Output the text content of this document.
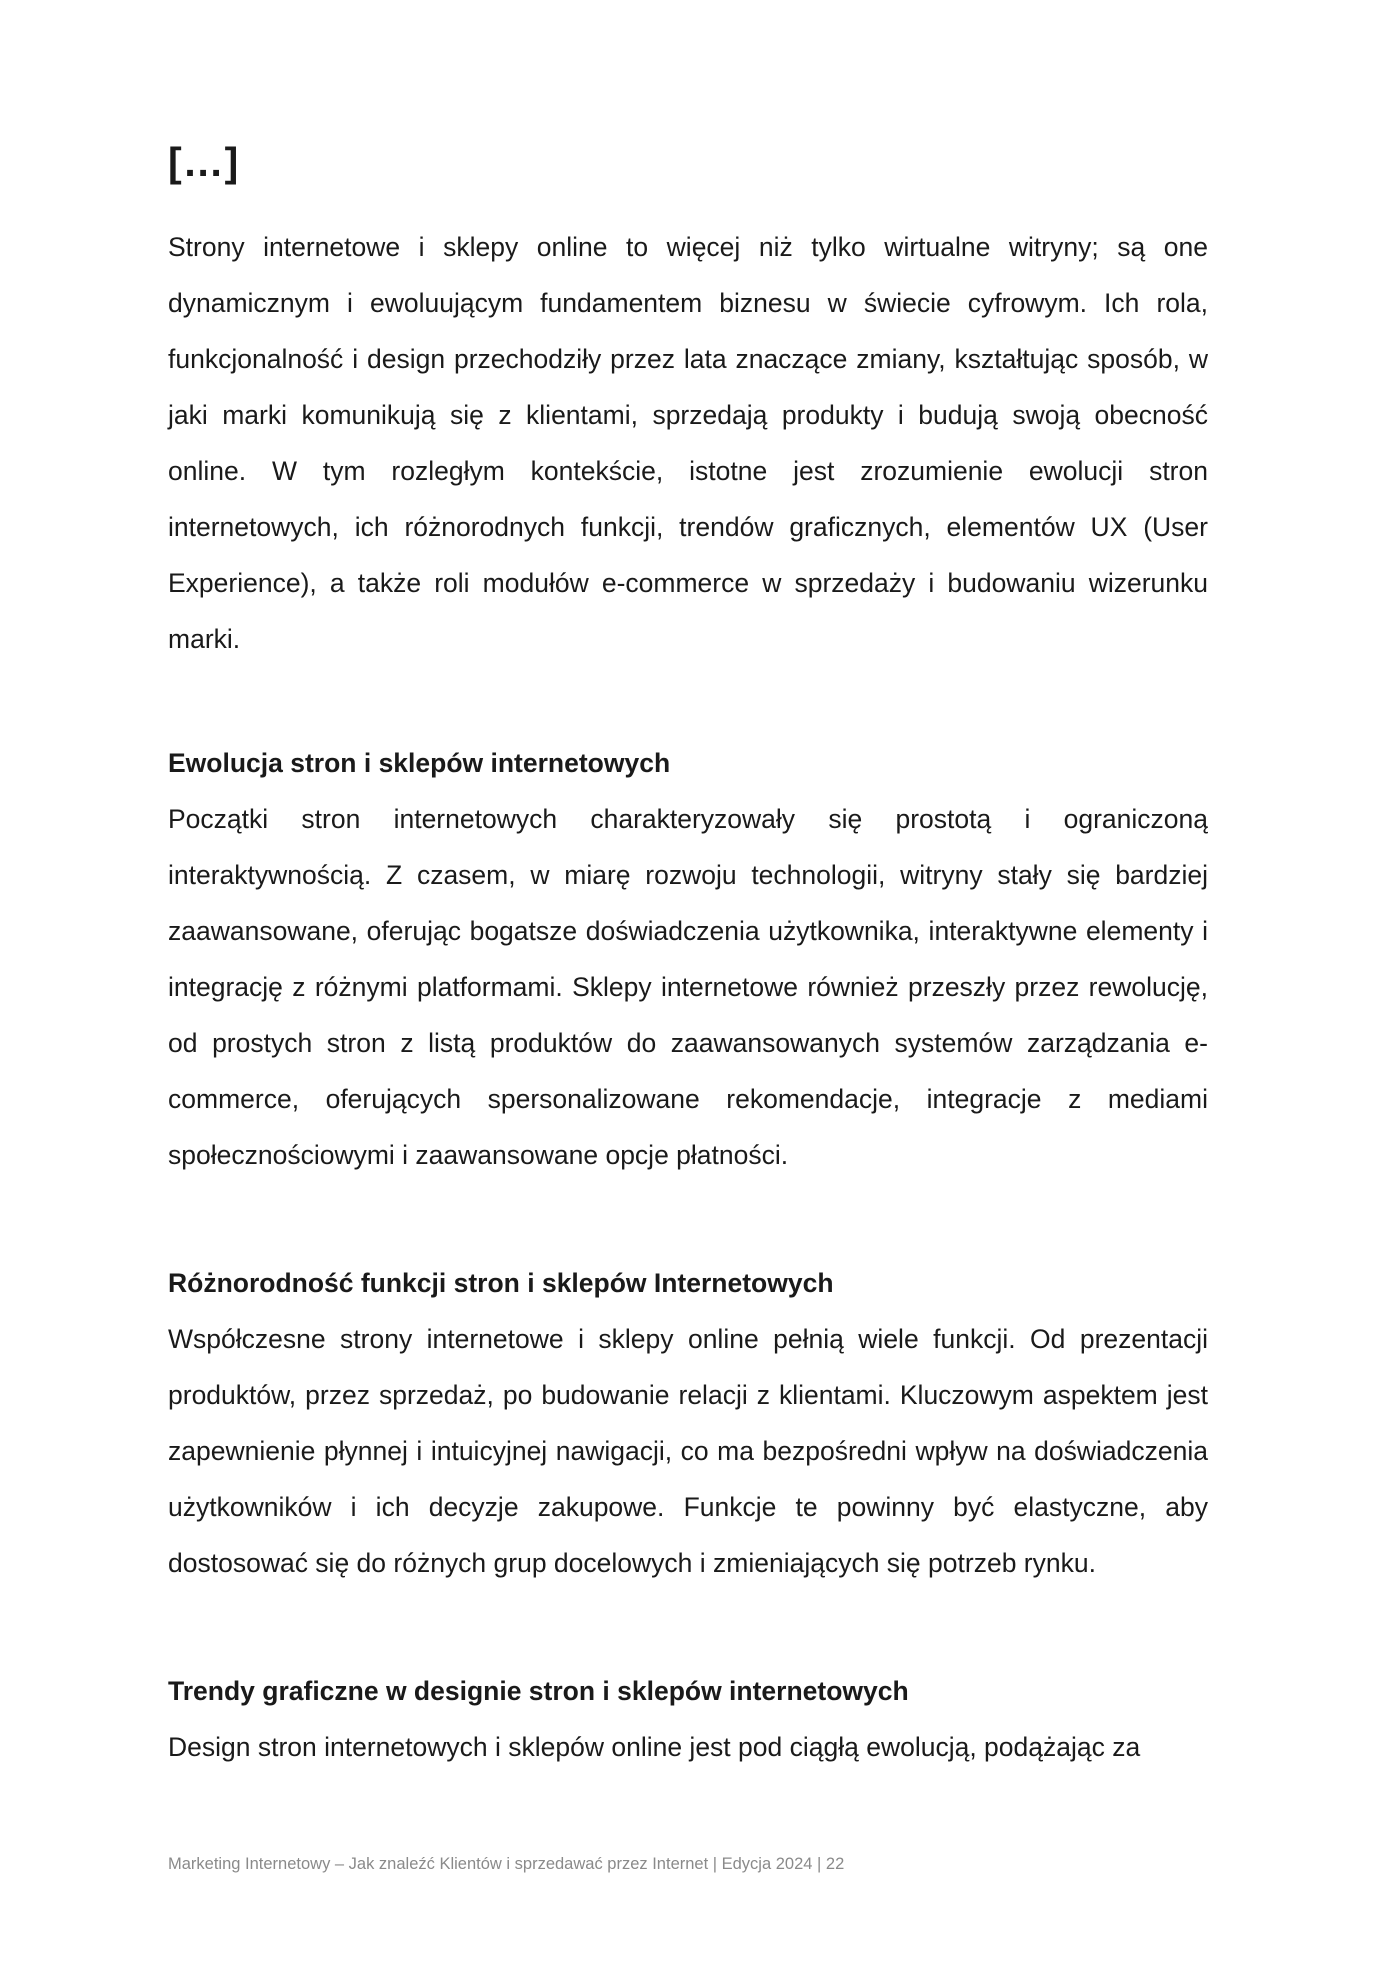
[…]

Strony internetowe i sklepy online to więcej niż tylko wirtualne witryny; są one dynamicznym i ewoluującym fundamentem biznesu w świecie cyfrowym. Ich rola, funkcjonalność i design przechodziły przez lata znaczące zmiany, kształtując sposób, w jaki marki komunikują się z klientami, sprzedają produkty i budują swoją obecność online. W tym rozległym kontekście, istotne jest zrozumienie ewolucji stron internetowych, ich różnorodnych funkcji, trendów graficznych, elementów UX (User Experience), a także roli modułów e-commerce w sprzedaży i budowaniu wizerunku marki.

Ewolucja stron i sklepów internetowych

Początki stron internetowych charakteryzowały się prostotą i ograniczoną interaktywnością. Z czasem, w miarę rozwoju technologii, witryny stały się bardziej zaawansowane, oferując bogatsze doświadczenia użytkownika, interaktywne elementy i integrację z różnymi platformami. Sklepy internetowe również przeszły przez rewolucję, od prostych stron z listą produktów do zaawansowanych systemów zarządzania e-commerce, oferujących spersonalizowane rekomendacje, integracje z mediami społecznościowymi i zaawansowane opcje płatności.

Różnorodność funkcji stron i sklepów Internetowych

Współczesne strony internetowe i sklepy online pełnią wiele funkcji. Od prezentacji produktów, przez sprzedaż, po budowanie relacji z klientami. Kluczowym aspektem jest zapewnienie płynnej i intuicyjnej nawigacji, co ma bezpośredni wpływ na doświadczenia użytkowników i ich decyzje zakupowe. Funkcje te powinny być elastyczne, aby dostosować się do różnych grup docelowych i zmieniających się potrzeb rynku.

Trendy graficzne w designie stron i sklepów internetowych

Design stron internetowych i sklepów online jest pod ciągłą ewolucją, podążając za

Marketing Internetowy – Jak znaleźć Klientów i sprzedawać przez Internet | Edycja 2024 | 22
